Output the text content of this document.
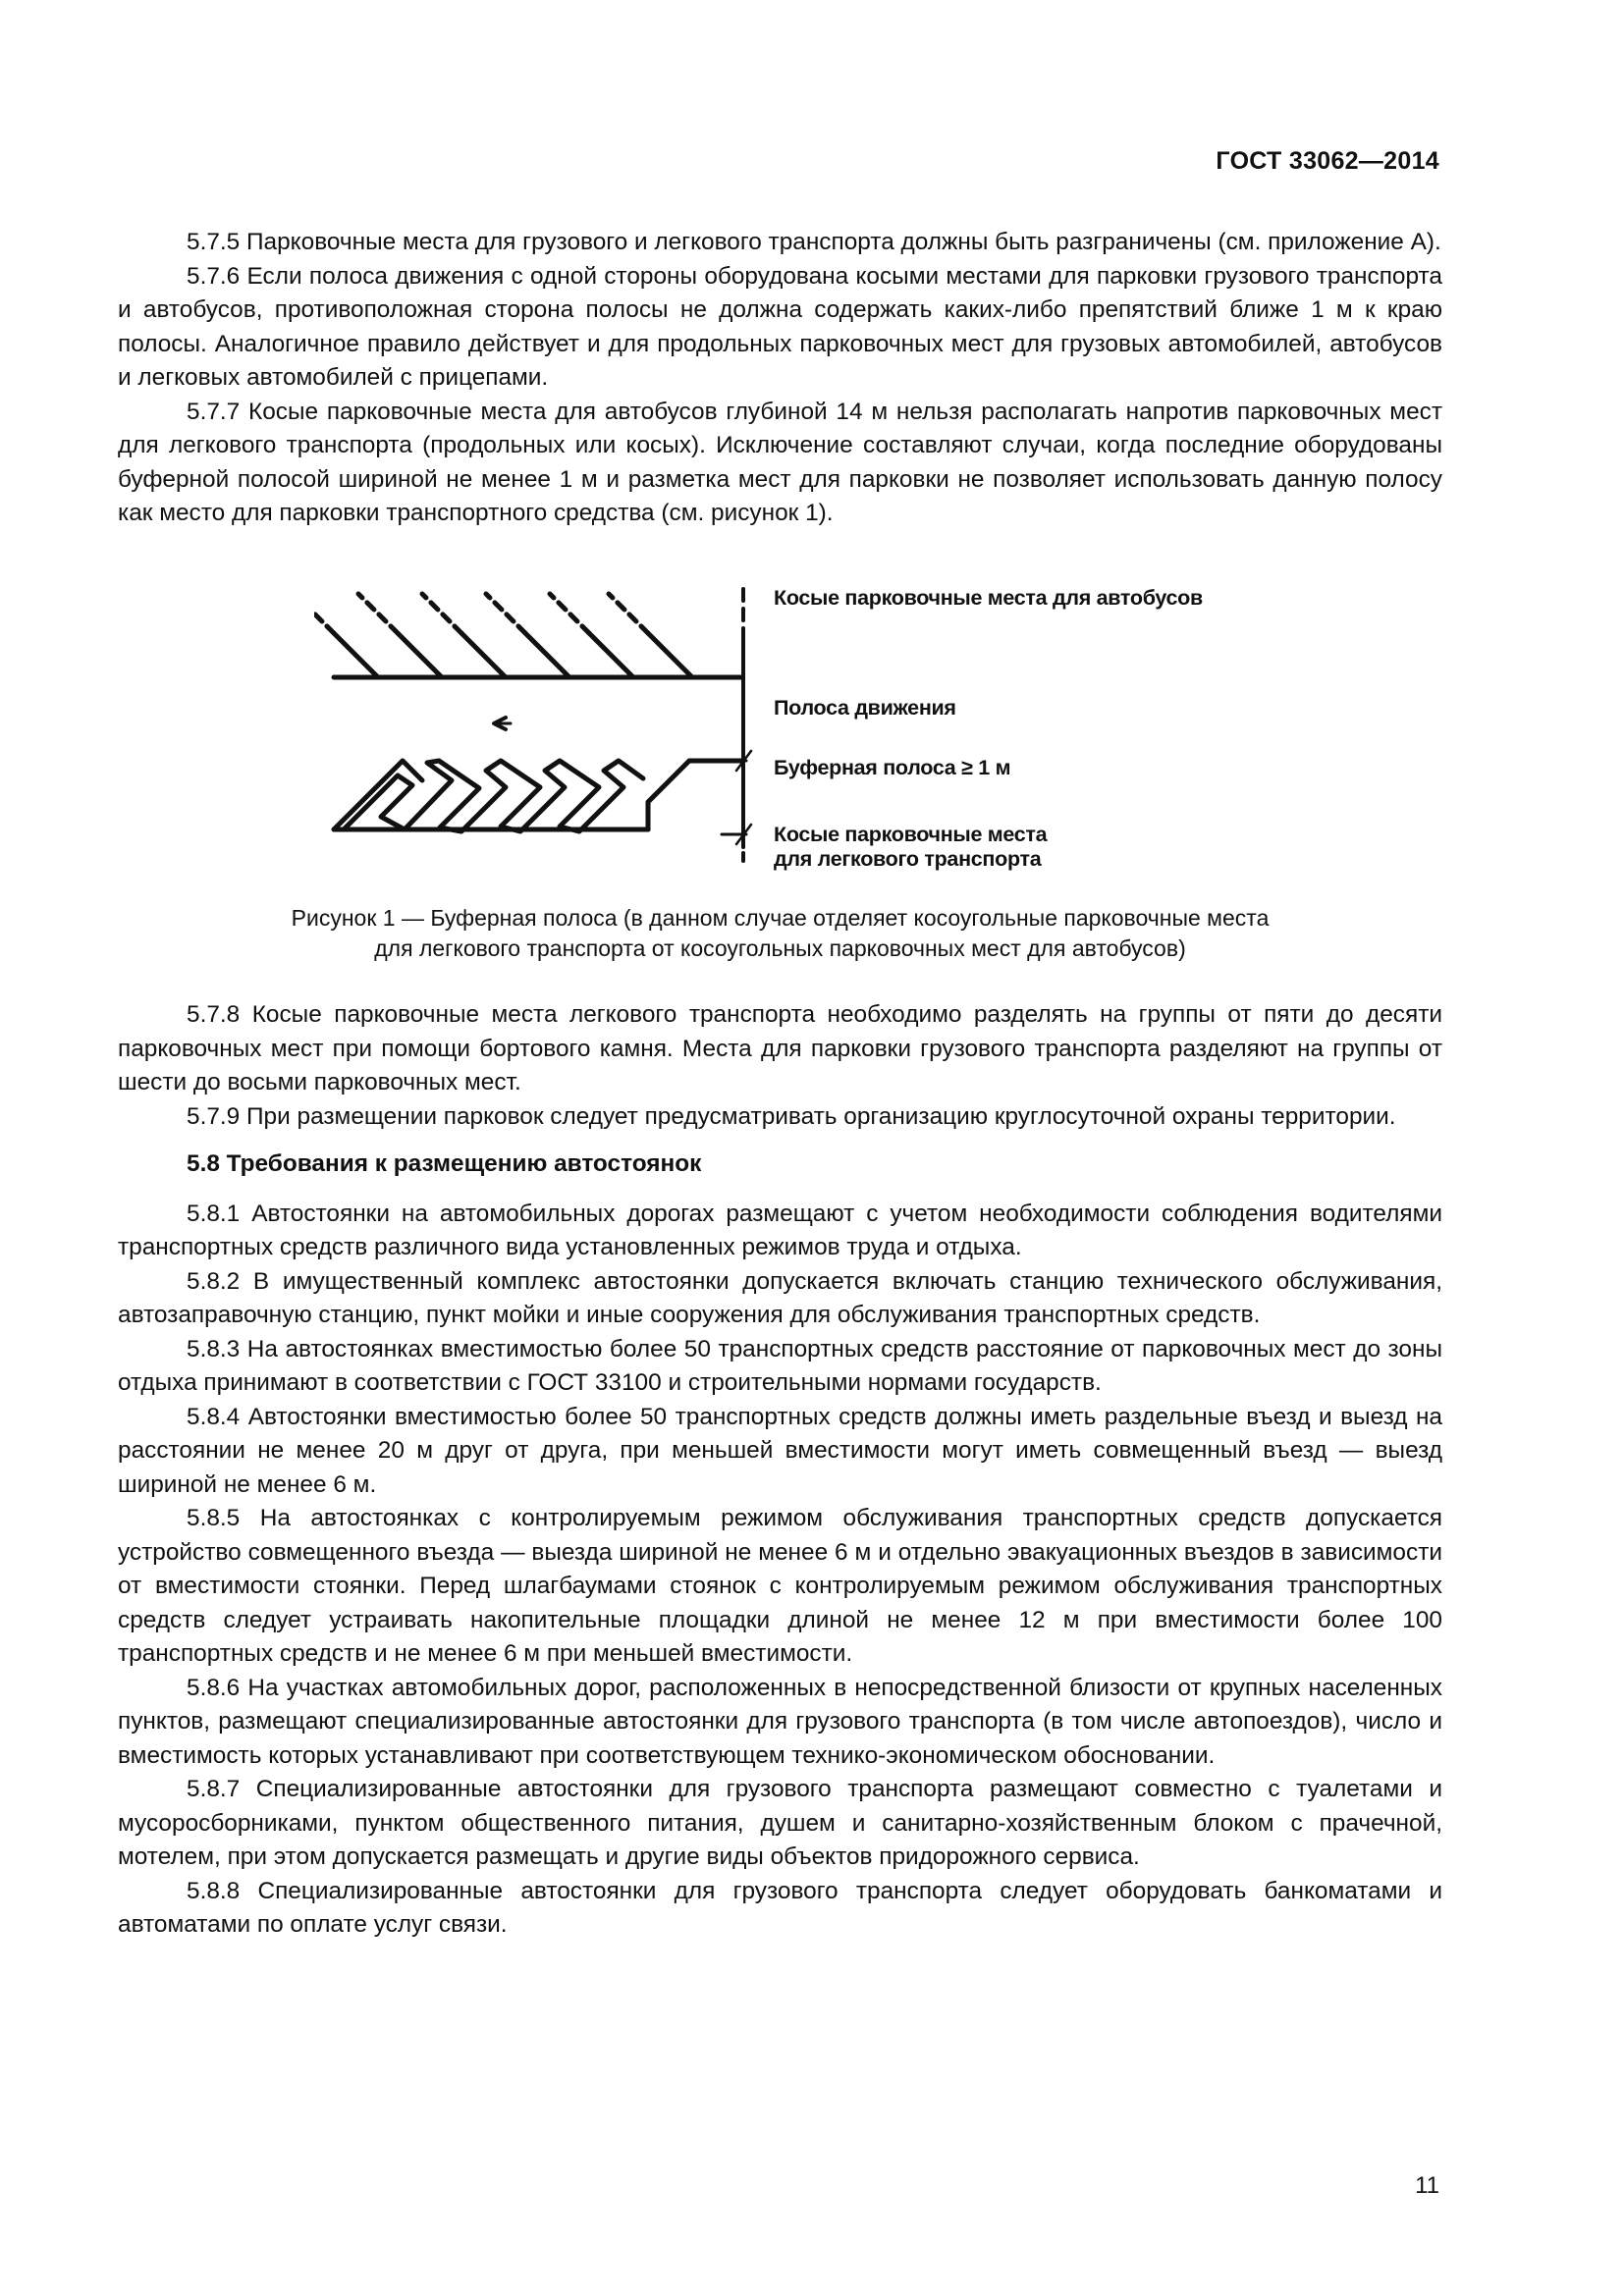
ГОСТ 33062—2014

5.7.5 Парковочные места для грузового и легкового транспорта должны быть разграничены (см. приложение А).

5.7.6 Если полоса движения с одной стороны оборудована косыми местами для парковки грузового транспорта и автобусов, противоположная сторона полосы не должна содержать каких-либо препятствий ближе 1 м к краю полосы. Аналогичное правило действует и для продольных парковочных мест для грузовых автомобилей, автобусов и легковых автомобилей с прицепами.

5.7.7 Косые парковочные места для автобусов глубиной 14 м нельзя располагать напротив парковочных мест для легкового транспорта (продольных или косых). Исключение составляют случаи, когда последние оборудованы буферной полосой шириной не менее 1 м и разметка мест для парковки не позволяет использовать данную полосу как место для парковки транспортного средства (см. рисунок 1).

Косые парковочные места для автобусов
Полоса движения
Буферная полоса ≥ 1 м
Косые парковочные места
для легкового транспорта
Рисунок 1 — Буферная полоса (в данном случае отделяет косоугольные парковочные места
для легкового транспорта от косоугольных парковочных мест для автобусов)

5.7.8 Косые парковочные места легкового транспорта необходимо разделять на группы от пяти до десяти парковочных мест при помощи бортового камня. Места для парковки грузового транспорта разделяют на группы от шести до восьми парковочных мест.

5.7.9 При размещении парковок следует предусматривать организацию круглосуточной охраны территории.

5.8 Требования к размещению автостоянок

5.8.1 Автостоянки на автомобильных дорогах размещают с учетом необходимости соблюдения водителями транспортных средств различного вида установленных режимов труда и отдыха.

5.8.2 В имущественный комплекс автостоянки допускается включать станцию технического обслуживания, автозаправочную станцию, пункт мойки и иные сооружения для обслуживания транспортных средств.

5.8.3 На автостоянках вместимостью более 50 транспортных средств расстояние от парковочных мест до зоны отдыха принимают в соответствии с ГОСТ 33100 и строительными нормами государств.

5.8.4 Автостоянки вместимостью более 50 транспортных средств должны иметь раздельные въезд и выезд на расстоянии не менее 20 м друг от друга, при меньшей вместимости могут иметь совмещенный въезд — выезд шириной не менее 6 м.

5.8.5 На автостоянках с контролируемым режимом обслуживания транспортных средств допускается устройство совмещенного въезда — выезда шириной не менее 6 м и отдельно эвакуационных въездов в зависимости от вместимости стоянки. Перед шлагбаумами стоянок с контролируемым режимом обслуживания транспортных средств следует устраивать накопительные площадки длиной не менее 12 м при вместимости более 100 транспортных средств и не менее 6 м при меньшей вместимости.

5.8.6 На участках автомобильных дорог, расположенных в непосредственной близости от крупных населенных пунктов, размещают специализированные автостоянки для грузового транспорта (в том числе автопоездов), число и вместимость которых устанавливают при соответствующем технико-экономическом обосновании.

5.8.7 Специализированные автостоянки для грузового транспорта размещают совместно с туалетами и мусоросборниками, пунктом общественного питания, душем и санитарно-хозяйственным блоком с прачечной, мотелем, при этом допускается размещать и другие виды объектов придорожного сервиса.

5.8.8 Специализированные автостоянки для грузового транспорта следует оборудовать банкоматами и автоматами по оплате услуг связи.

11
